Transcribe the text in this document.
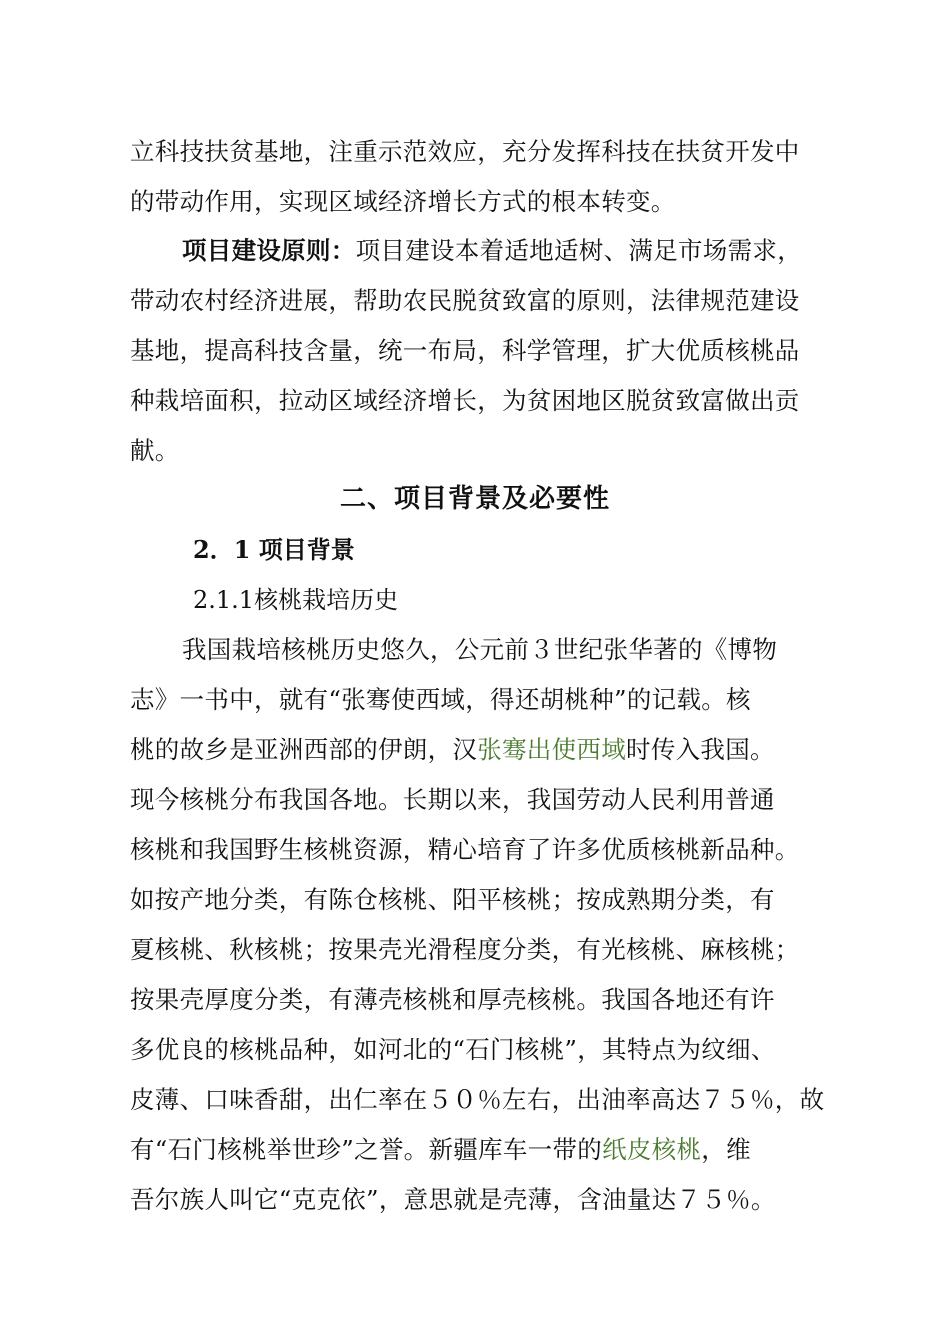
立科技扶贫基地，注重示范效应，充分发挥科技在扶贫开发中
的带动作用，实现区域经济增长方式的根本转变。
项目建设原则：项目建设本着适地适树、满足市场需求，
带动农村经济进展，帮助农民脱贫致富的原则，法律规范建设
基地，提高科技含量，统一布局，科学管理，扩大优质核桃品
种栽培面积，拉动区域经济增长，为贫困地区脱贫致富做出贡
献。
二、项目背景及必要性
2．1 项目背景
2.1.1核桃栽培历史
我国栽培核桃历史悠久，公元前３世纪张华著的《博物
志》一书中，就有“张骞使西域，得还胡桃种”的记载。核
桃的故乡是亚洲西部的伊朗，汉张骞出使西域时传入我国。
现今核桃分布我国各地。长期以来，我国劳动人民利用普通
核桃和我国野生核桃资源，精心培育了许多优质核桃新品种。
如按产地分类，有陈仓核桃、阳平核桃；按成熟期分类，有
夏核桃、秋核桃；按果壳光滑程度分类，有光核桃、麻核桃；
按果壳厚度分类，有薄壳核桃和厚壳核桃。我国各地还有许
多优良的核桃品种，如河北的“石门核桃”，其特点为纹细、
皮薄、口味香甜，出仁率在５０％左右，出油率高达７５％，故
有“石门核桃举世珍”之誉。新疆库车一带的纸皮核桃，维
吾尔族人叫它“克克依”，意思就是壳薄，含油量达７５％。
